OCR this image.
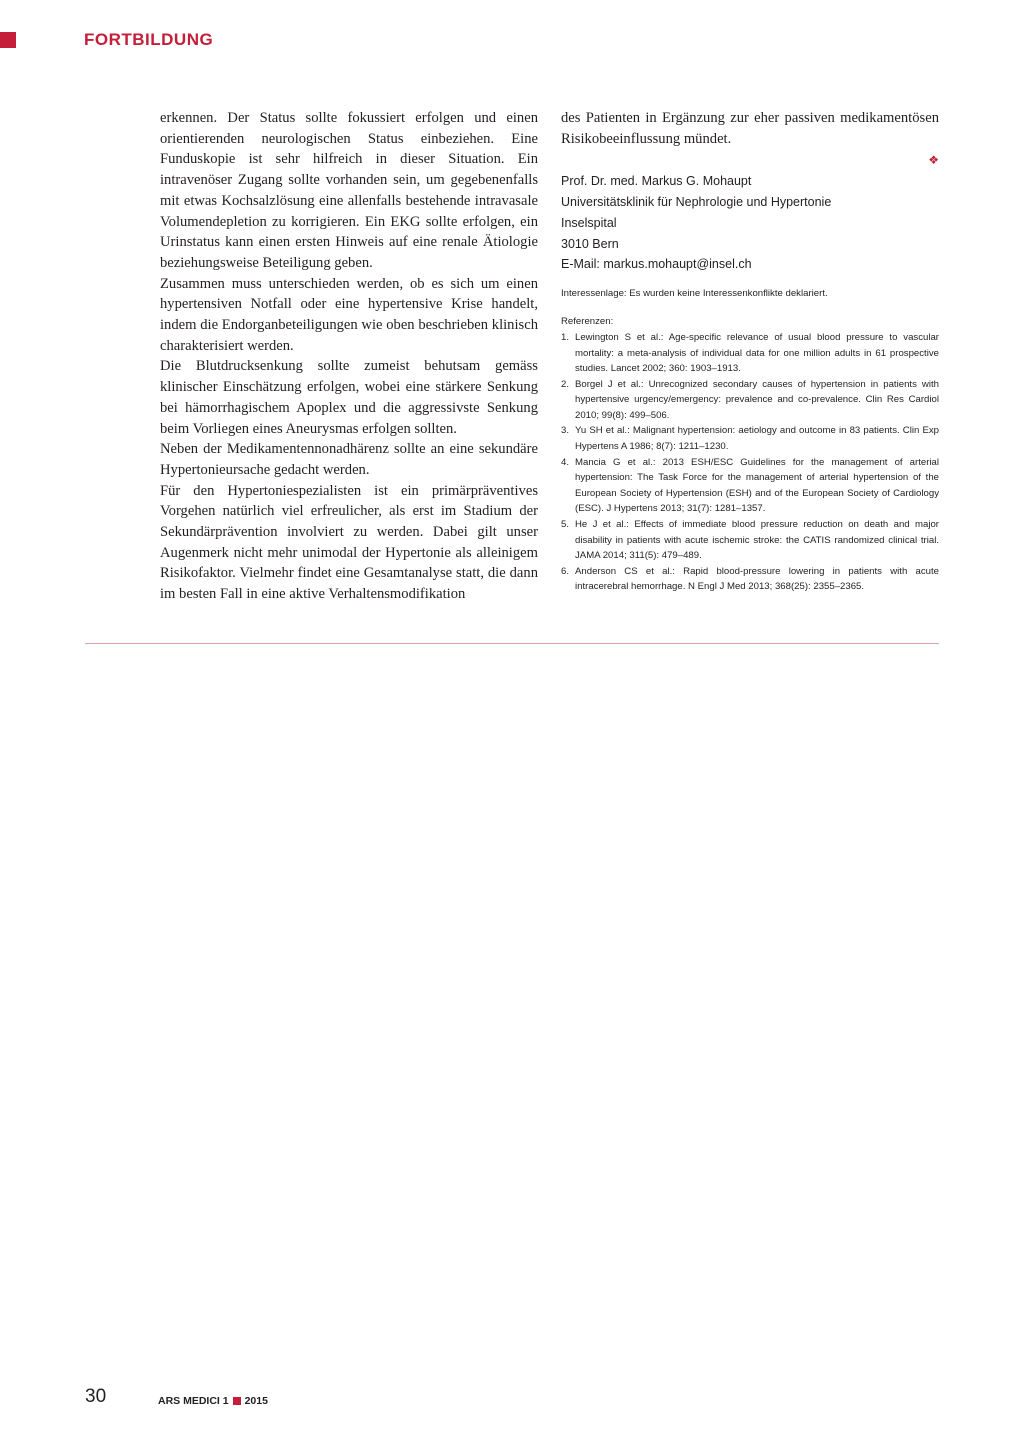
FORTBILDUNG

erkennen. Der Status sollte fokussiert erfolgen und einen orientierenden neurologischen Status einbeziehen. Eine Funduskopie ist sehr hilfreich in dieser Situation. Ein intravenöser Zugang sollte vorhanden sein, um gegebenenfalls mit etwas Kochsalzlösung eine allenfalls bestehende intravasale Volumendepletion zu korrigieren. Ein EKG sollte erfolgen, ein Urinstatus kann einen ersten Hinweis auf eine renale Ätiologie beziehungsweise Beteiligung geben.

Zusammen muss unterschieden werden, ob es sich um einen hypertensiven Notfall oder eine hypertensive Krise handelt, indem die Endorganbeteiligungen wie oben beschrieben klinisch charakterisiert werden.

Die Blutdrucksenkung sollte zumeist behutsam gemäss klinischer Einschätzung erfolgen, wobei eine stärkere Senkung bei hämorrhagischem Apoplex und die aggressivste Senkung beim Vorliegen eines Aneurysmas erfolgen sollten.

Neben der Medikamentennonadhärenz sollte an eine sekundäre Hypertonieursache gedacht werden.

Für den Hypertoniespezialisten ist ein primärpräventives Vorgehen natürlich viel erfreulicher, als erst im Stadium der Sekundärprävention involviert zu werden. Dabei gilt unser Augenmerk nicht mehr unimodal der Hypertonie als alleinigem Risikofaktor. Vielmehr findet eine Gesamtanalyse statt, die dann im besten Fall in eine aktive Verhaltensmodifikation

des Patienten in Ergänzung zur eher passiven medikamentösen Risikobeeinflussung mündet.

❖
Prof. Dr. med. Markus G. Mohaupt
Universitätsklinik für Nephrologie und Hypertonie
Inselspital
3010 Bern
E-Mail: markus.mohaupt@insel.ch
Interessenlage: Es wurden keine Interessenkonflikte deklariert.
Referenzen:
1. Lewington S et al.: Age-specific relevance of usual blood pressure to vascular mortality: a meta-analysis of individual data for one million adults in 61 prospective studies. Lancet 2002; 360: 1903–1913.
2. Borgel J et al.: Unrecognized secondary causes of hypertension in patients with hypertensive urgency/emergency: prevalence and co-prevalence. Clin Res Cardiol 2010; 99(8): 499–506.
3. Yu SH et al.: Malignant hypertension: aetiology and outcome in 83 patients. Clin Exp Hypertens A 1986; 8(7): 1211–1230.
4. Mancia G et al.: 2013 ESH/ESC Guidelines for the management of arterial hypertension: The Task Force for the management of arterial hypertension of the European Society of Hypertension (ESH) and of the European Society of Cardiology (ESC). J Hypertens 2013; 31(7): 1281–1357.
5. He J et al.: Effects of immediate blood pressure reduction on death and major disability in patients with acute ischemic stroke: the CATIS randomized clinical trial. JAMA 2014; 311(5): 479–489.
6. Anderson CS et al.: Rapid blood-pressure lowering in patients with acute intracerebral hemorrhage. N Engl J Med 2013; 368(25): 2355–2365.
30	ARS MEDICI 1 2015
